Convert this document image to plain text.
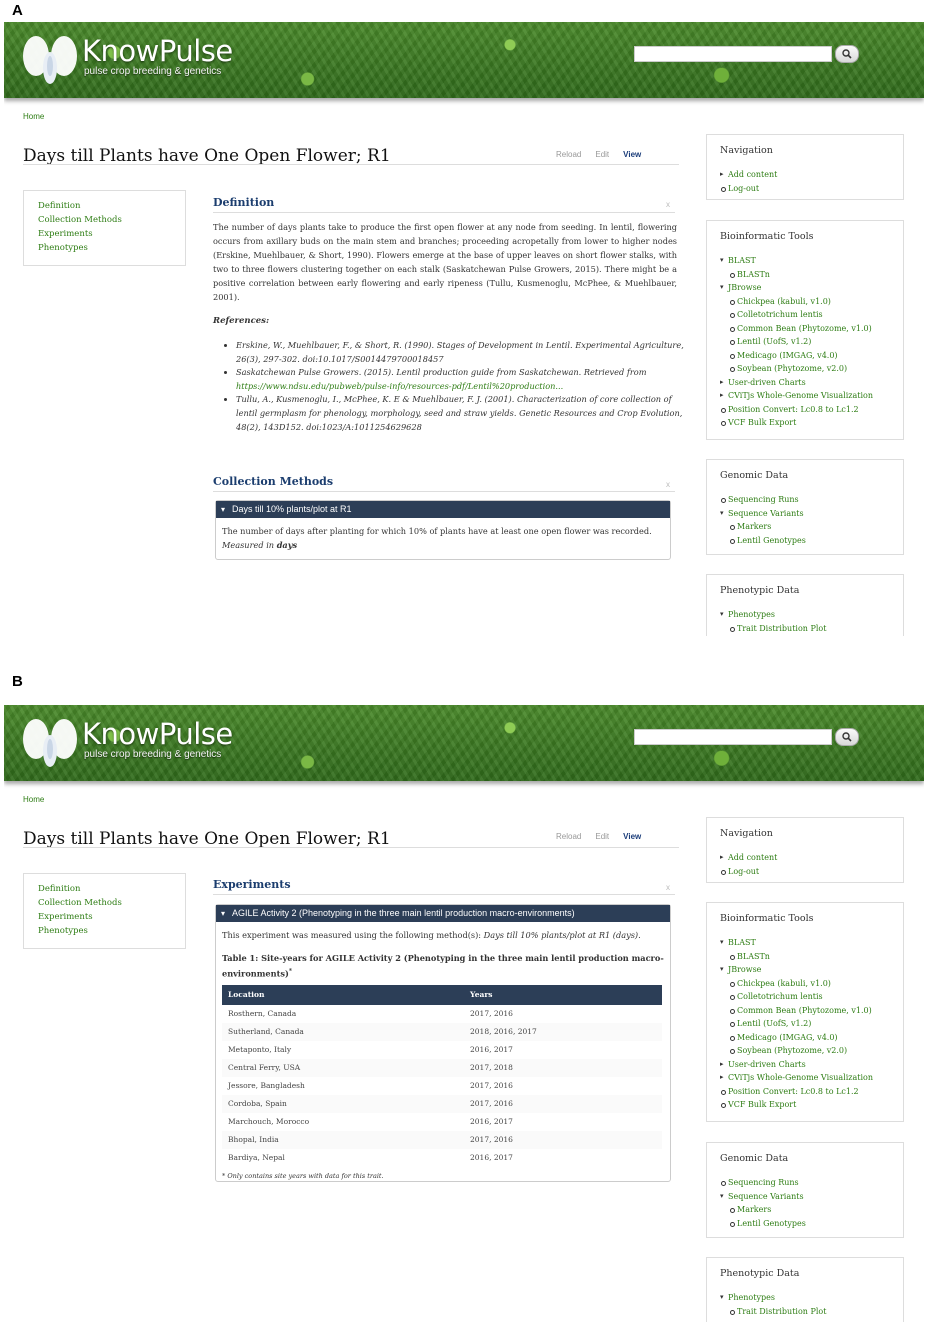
A
KnowPulse
pulse crop breeding & genetics
Home
Days till Plants have One Open Flower; R1	Reload Edit View
Definition
Collection Methods
Experiments
Phenotypes
Definition	x
The number of days plants take to produce the first open flower at any node from seeding. In lentil, flowering occurs from axillary buds on the main stem and branches; proceeding acropetally from lower to higher nodes (Erskine, Muehlbauer, & Short, 1990). Flowers emerge at the base of upper leaves on short flower stalks, with two to three flowers clustering together on each stalk (Saskatchewan Pulse Growers, 2015). There might be a positive correlation between early flowering and early ripeness (Tullu, Kusmenoglu, McPhee, & Muehlbauer, 2001).
References:
• Erskine, W., Muehlbauer, F., & Short, R. (1990). Stages of Development in Lentil. Experimental Agriculture, 26(3), 297-302. doi:10.1017/S0014479700018457
• Saskatchewan Pulse Growers. (2015). Lentil production guide from Saskatchewan. Retrieved from https://www.ndsu.edu/pubweb/pulse-info/resources-pdf/Lentil%20production...
• Tullu, A., Kusmenoglu, I., McPhee, K. E & Muehlbauer, F. J. (2001). Characterization of core collection of lentil germplasm for phenology, morphology, seed and straw yields. Genetic Resources and Crop Evolution, 48(2), 143D152. doi:1023/A:1011254629628
Collection Methods	x
▾ Days till 10% plants/plot at R1
The number of days after planting for which 10% of plants have at least one open flower was recorded.
Measured in days
Navigation
▸ Add content
Log-out
Bioinformatic Tools
▾ BLAST
BLASTn
▾ JBrowse
Chickpea (kabuli, v1.0)
Colletotrichum lentis
Common Bean (Phytozome, v1.0)
Lentil (UofS, v1.2)
Medicago (IMGAG, v4.0)
Soybean (Phytozome, v2.0)
▸ User-driven Charts
▸ CViTjs Whole-Genome Visualization
Position Convert: Lc0.8 to Lc1.2
VCF Bulk Export
Genomic Data
Sequencing Runs
▾ Sequence Variants
Markers
Lentil Genotypes
Phenotypic Data
▾ Phenotypes
Trait Distribution Plot
B
KnowPulse
pulse crop breeding & genetics
Home
Days till Plants have One Open Flower; R1	Reload Edit View
Definition
Collection Methods
Experiments
Phenotypes
Experiments	x
▾ AGILE Activity 2 (Phenotyping in the three main lentil production macro-environments)
This experiment was measured using the following method(s): Days till 10% plants/plot at R1 (days).
Table 1: Site-years for AGILE Activity 2 (Phenotyping in the three main lentil production macro-environments)*
Location	Years
Rosthern, Canada	2017, 2016
Sutherland, Canada	2018, 2016, 2017
Metaponto, Italy	2016, 2017
Central Ferry, USA	2017, 2018
Jessore, Bangladesh	2017, 2016
Cordoba, Spain	2017, 2016
Marchouch, Morocco	2016, 2017
Bhopal, India	2017, 2016
Bardiya, Nepal	2016, 2017
* Only contains site years with data for this trait.
Navigation
▸ Add content
Log-out
Bioinformatic Tools
▾ BLAST
BLASTn
▾ JBrowse
Chickpea (kabuli, v1.0)
Colletotrichum lentis
Common Bean (Phytozome, v1.0)
Lentil (UofS, v1.2)
Medicago (IMGAG, v4.0)
Soybean (Phytozome, v2.0)
▸ User-driven Charts
▸ CViTjs Whole-Genome Visualization
Position Convert: Lc0.8 to Lc1.2
VCF Bulk Export
Genomic Data
Sequencing Runs
▾ Sequence Variants
Markers
Lentil Genotypes
Phenotypic Data
▾ Phenotypes
Trait Distribution Plot
